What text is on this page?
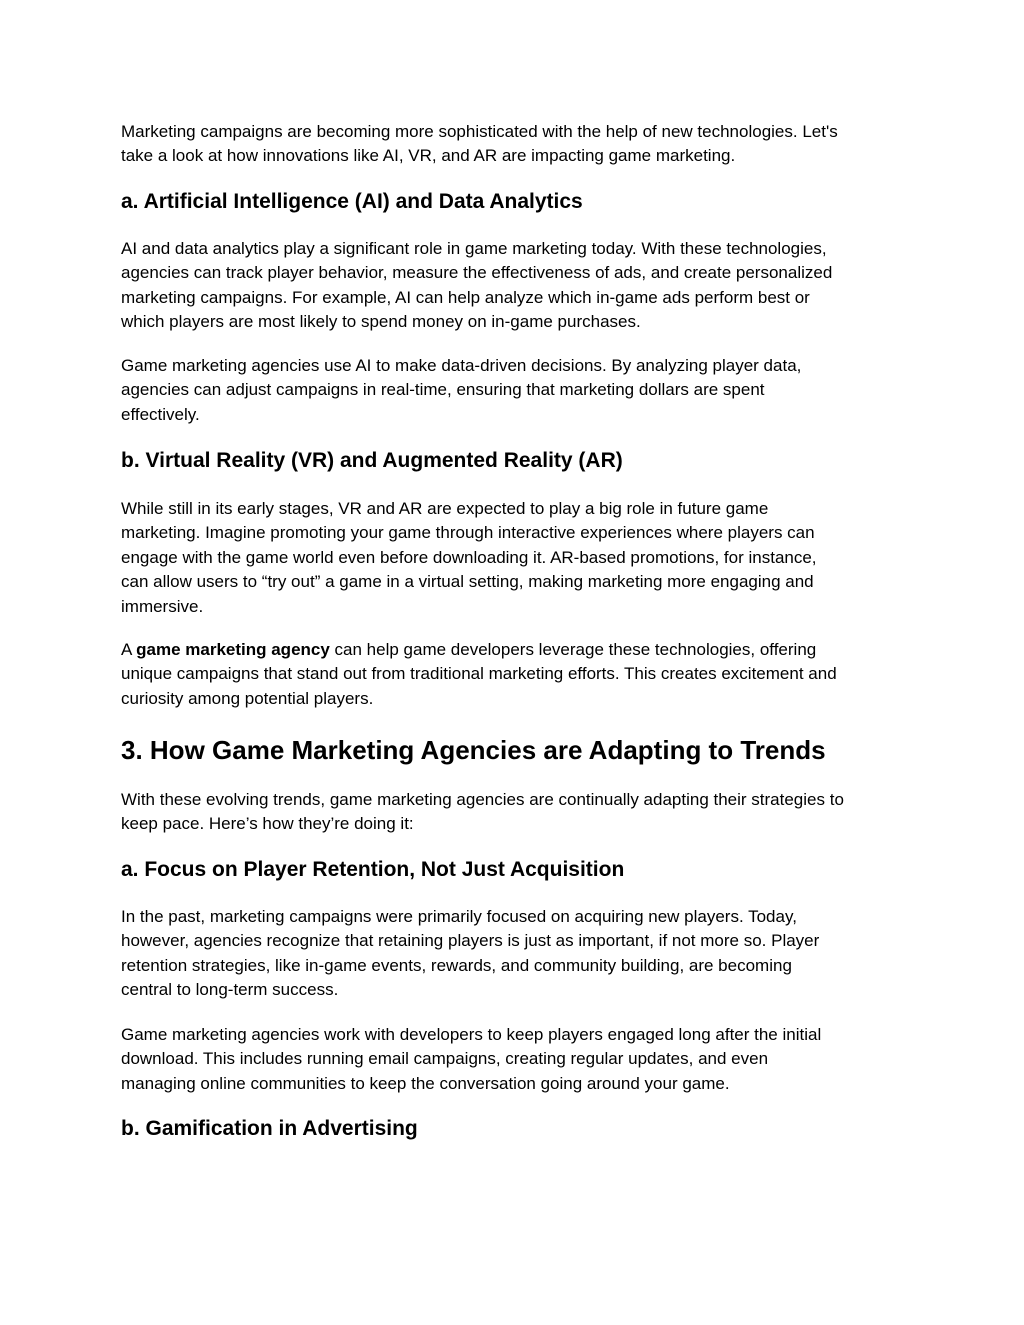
Marketing campaigns are becoming more sophisticated with the help of new technologies. Let's
take a look at how innovations like AI, VR, and AR are impacting game marketing.

a. Artificial Intelligence (AI) and Data Analytics

AI and data analytics play a significant role in game marketing today. With these technologies,
agencies can track player behavior, measure the effectiveness of ads, and create personalized
marketing campaigns. For example, AI can help analyze which in-game ads perform best or
which players are most likely to spend money on in-game purchases.

Game marketing agencies use AI to make data-driven decisions. By analyzing player data,
agencies can adjust campaigns in real-time, ensuring that marketing dollars are spent
effectively.

b. Virtual Reality (VR) and Augmented Reality (AR)

While still in its early stages, VR and AR are expected to play a big role in future game
marketing. Imagine promoting your game through interactive experiences where players can
engage with the game world even before downloading it. AR-based promotions, for instance,
can allow users to “try out” a game in a virtual setting, making marketing more engaging and
immersive.

A game marketing agency can help game developers leverage these technologies, offering
unique campaigns that stand out from traditional marketing efforts. This creates excitement and
curiosity among potential players.

3. How Game Marketing Agencies are Adapting to Trends

With these evolving trends, game marketing agencies are continually adapting their strategies to
keep pace. Here’s how they’re doing it:

a. Focus on Player Retention, Not Just Acquisition

In the past, marketing campaigns were primarily focused on acquiring new players. Today,
however, agencies recognize that retaining players is just as important, if not more so. Player
retention strategies, like in-game events, rewards, and community building, are becoming
central to long-term success.

Game marketing agencies work with developers to keep players engaged long after the initial
download. This includes running email campaigns, creating regular updates, and even
managing online communities to keep the conversation going around your game.

b. Gamification in Advertising
